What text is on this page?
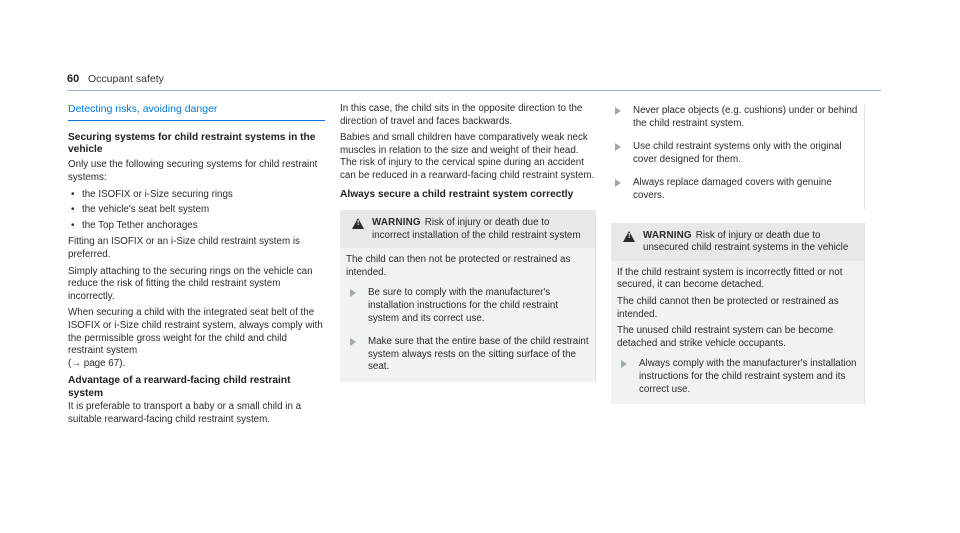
60 Occupant safety
Detecting risks, avoiding danger
Securing systems for child restraint systems in the vehicle

Only use the following securing systems for child restraint systems:

• the ISOFIX or i-Size securing rings
• the vehicle's seat belt system
• the Top Tether anchorages

Fitting an ISOFIX or an i-Size child restraint system is preferred.

Simply attaching to the securing rings on the vehicle can reduce the risk of fitting the child restraint system incorrectly.

When securing a child with the integrated seat belt of the ISOFIX or i-Size child restraint system, always comply with the permissible gross weight for the child and child restraint system
(→ page 67).

Advantage of a rearward-facing child restraint system

It is preferable to transport a baby or a small child in a suitable rearward-facing child restraint system.

In this case, the child sits in the opposite direction to the direction of travel and faces backwards.

Babies and small children have comparatively weak neck muscles in relation to the size and weight of their head. The risk of injury to the cervical spine during an accident can be reduced in a rearward-facing child restraint system.

Always secure a child restraint system correctly
! WARNING Risk of injury or death due to incorrect installation of the child restraint system

The child can then not be protected or restrained as intended.

Be sure to comply with the manufacturer's installation instructions for the child restraint system and its correct use.
Make sure that the entire base of the child restraint system always rests on the sitting surface of the seat.
Never place objects (e.g. cushions) under or behind the child restraint system.
Use child restraint systems only with the original cover designed for them.
Always replace damaged covers with genuine covers.
! WARNING Risk of injury or death due to unsecured child restraint systems in the vehicle

If the child restraint system is incorrectly fitted or not secured, it can become detached.

The child cannot then be protected or restrained as intended.

The unused child restraint system can be become detached and strike vehicle occupants.

Always comply with the manufacturer's installation instructions for the child restraint system and its correct use.
